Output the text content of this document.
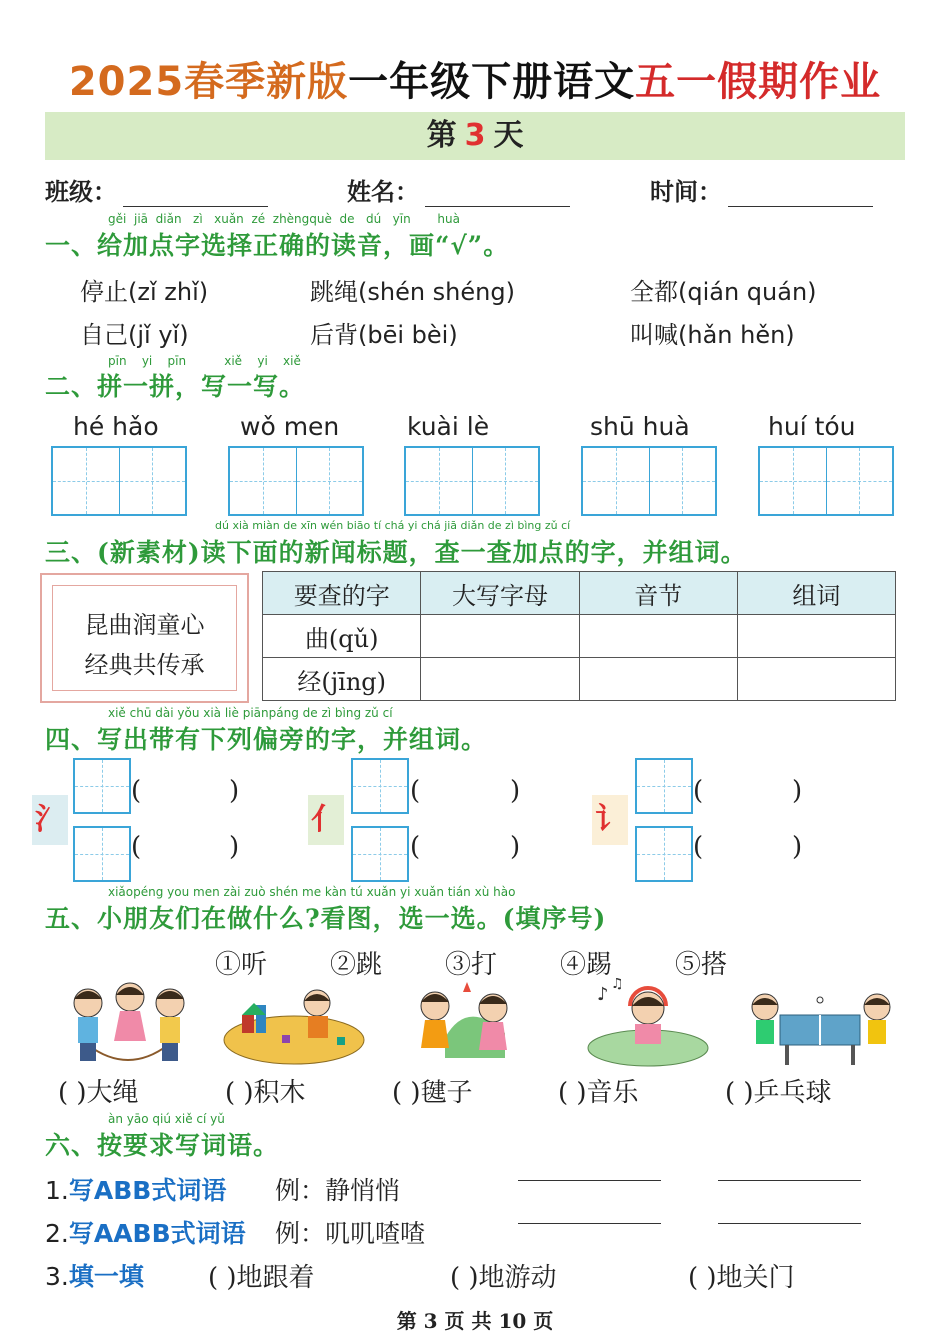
2025春季新版一年级下册语文五一假期作业
第 3 天
班级：	姓名：	时间：
gěi jiā diǎn zì xuǎn zé zhèngquè de dú yīn huà
一、给加点字选择正确的读音，画“√”。
停止(zǐ zhǐ)	跳绳(shén shéng)	全都(qián quán)
自己(jǐ yǐ)	后背(bēi bèi)	叫喊(hǎn hěn)
pīn yi pīn	xiě yi xiě
二、拼一拼，写一写。
hé hǎo	wǒ men	kuài lè	shū huà	huí tóu
dú xià miàn de xīn wén biāo tí chá yi chá jiā diǎn de zì bìng zǔ cí
三、(新素材)读下面的新闻标题，查一查加点的字，并组词。
昆曲润童心
经典共传承
要查的字	大写字母	音节	组词
曲(qǔ)			
经(jīng)			
xiě chū dài yǒu xià liè piānpáng de zì bìng zǔ cí
四、写出带有下列偏旁的字，并组词。
氵
(	)
(	)
亻
(	)
(	)
讠
(	)
(	)
xiǎopéng you men zài zuò shén me kàn tú xuǎn yi xuǎn tián xù hào
五、小朋友们在做什么?看图，选一选。(填序号)
①听 ②跳 ③打 ④踢 ⑤搭
♪ ♫
( )大绳	( )积木	( )毽子	( )音乐	( )乒乓球
àn yāo qiú xiě cí yǔ
六、按要求写词语。
1.写ABB式词语 例：静悄悄
2.写AABB式词语 例：叽叽喳喳
3.填一填 ( )地跟着	( )地游动	( )地关门
第 3 页 共 10 页
